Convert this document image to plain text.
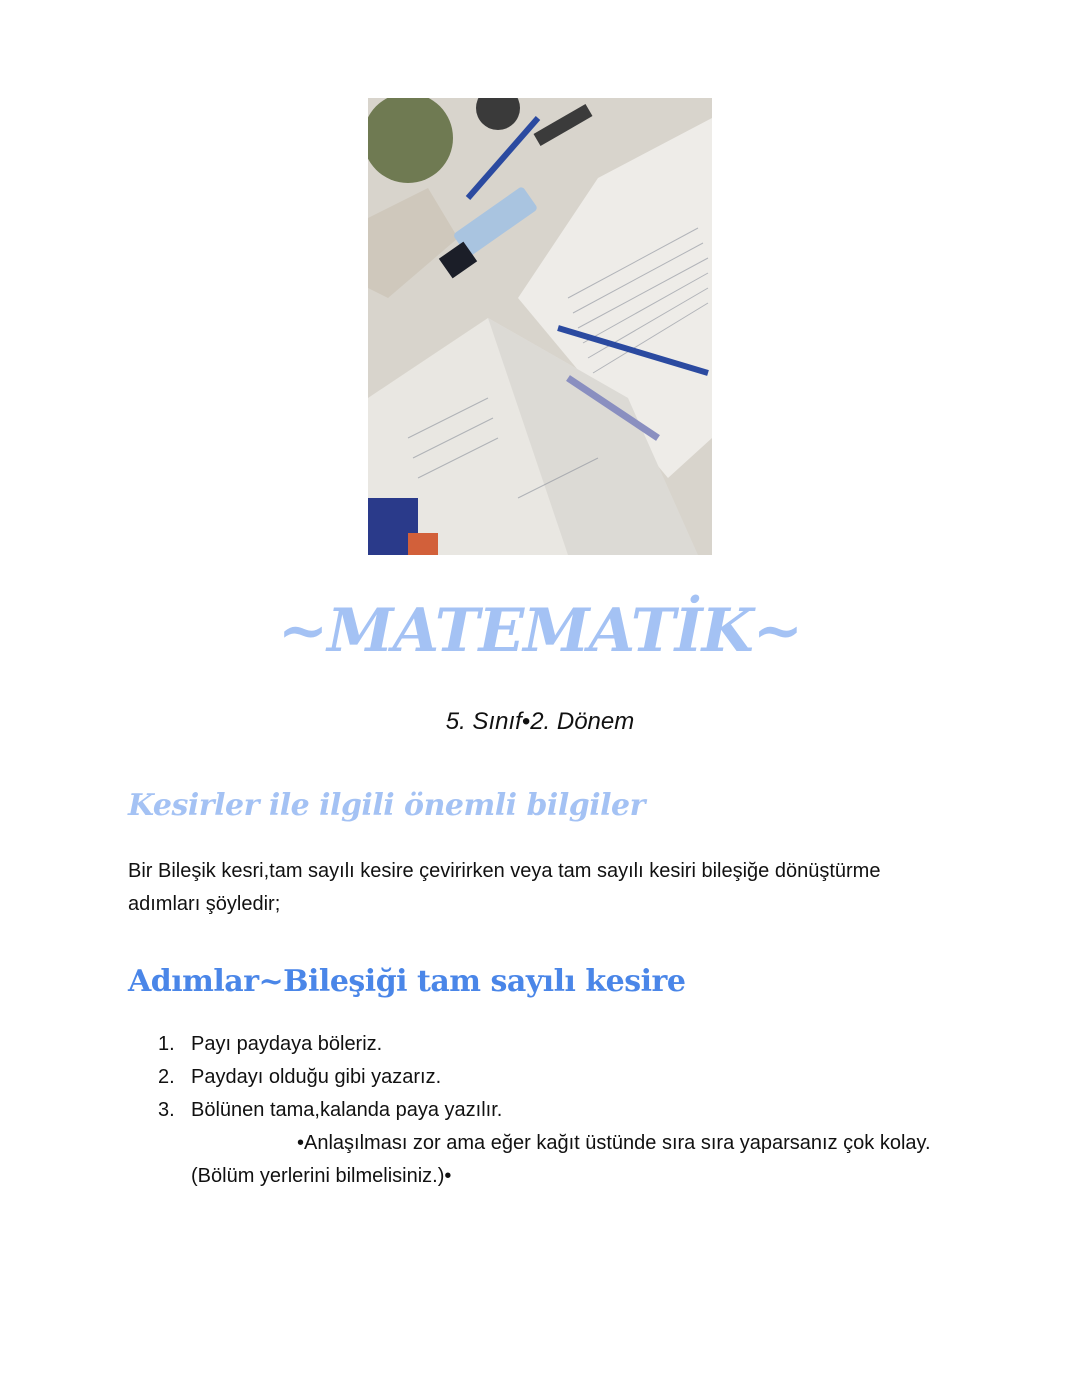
~MATEMATİK~
5. Sınıf•2. Dönem
Kesirler ile ilgili önemli bilgiler
Bir Bileşik kesri,tam sayılı kesire çevirirken veya tam sayılı kesiri bileşiğe dönüştürme adımları şöyledir;
Adımlar~Bileşiği tam sayılı kesire
1. Payı paydaya böleriz.
2. Paydayı olduğu gibi yazarız.
3. Bölünen tama,kalanda paya yazılır.
•Anlaşılması zor ama eğer kağıt üstünde sıra sıra yaparsanız çok kolay.(Bölüm yerlerini bilmelisiniz.)•
